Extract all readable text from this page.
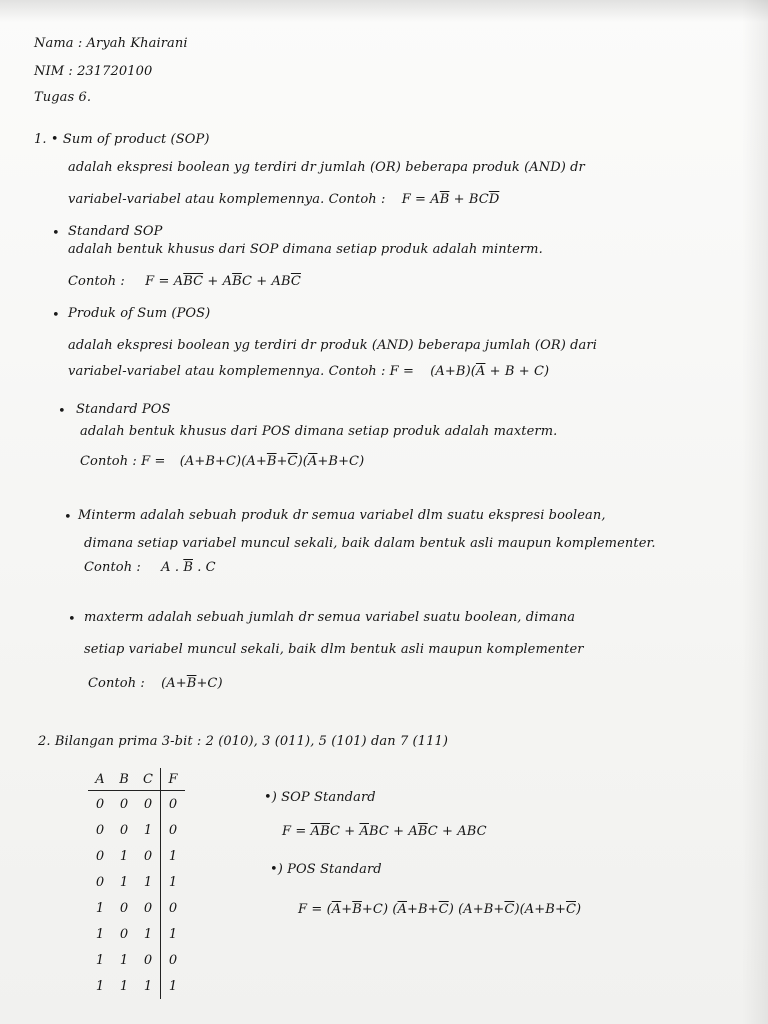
Nama : Aryah Khairani
NIM : 231720100
Tugas 6.
1. • Sum of product (SOP)
adalah ekspresi boolean yg terdiri dr jumlah (OR) beberapa produk (AND) dr
variabel-variabel atau komplemennya. Contoh : $F = A\overline{B} + BC\overline{D}$
• Standard SOP
adalah bentuk khusus dari SOP dimana setiap produk adalah minterm.
Contoh : $F = A\overline{BC} + A\overline{B}C + AB\overline{C}$
• Produk of Sum (POS)
adalah ekspresi boolean yg terdiri dr produk (AND) beberapa jumlah (OR) dari
variabel-variabel atau komplemennya. Contoh : $F = (A+B)(\overline{A} + B + C)$
• Standard POS
adalah bentuk khusus dari POS dimana setiap produk adalah maxterm.
Contoh : $F = (A+B+C)(A+\overline{B}+\overline{C})(\overline{A}+B+C)$
• Minterm adalah sebuah produk dr semua variabel dlm suatu ekspresi boolean,
dimana setiap variabel muncul sekali, baik dalam bentuk asli maupun komplementer.
Contoh : A . $\overline{B}$ . C
• maxterm adalah sebuah jumlah dr semua variabel suatu boolean, dimana
setiap variabel muncul sekali, baik dlm bentuk asli maupun komplementer
Contoh : $(A+\overline{B}+C)$
2. Bilangan prima 3-bit : 2 (010), 3 (011), 5 (101) dan 7 (111)
A	B	C	F
0	0	0	0
0	0	1	0
0	1	0	1
0	1	1	1
1	0	0	0
1	0	1	1
1	1	0	0
1	1	1	1
•) SOP Standard
$F = \overline{AB}C + \overline{A}BC + A\overline{B}C$ + ABC
•) POS Standard
$F = (\overline{A}+\overline{B}+C)$ $(\overline{A}+B+\overline{C})$ $(A+B+\overline{C})(A+B+\overline{C})$
